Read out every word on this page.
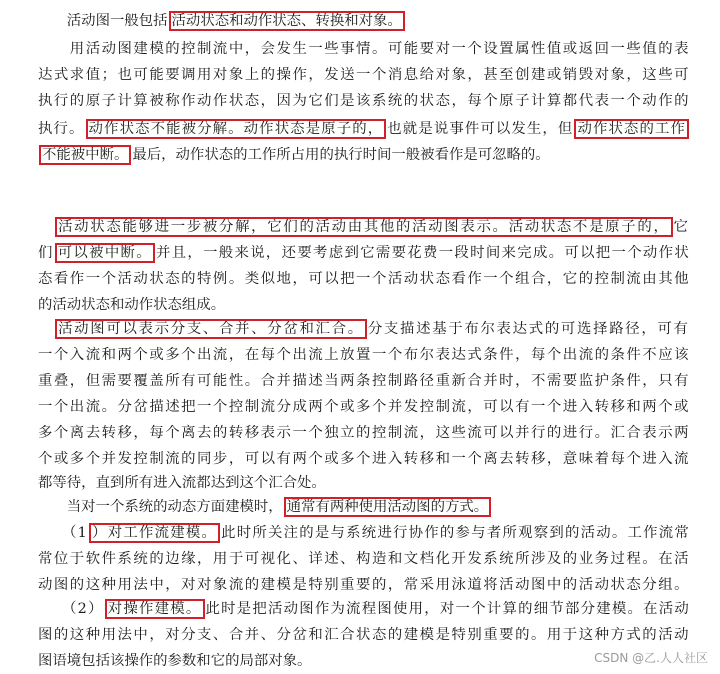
　　活动图一般包括 活动状态和动作状态、转换和对象。
　　用活动图建模的控制流中，会发生一些事情。可能要对一个设置属性值或返回一些值的表
达式求值；也可能要调用对象上的操作，发送一个消息给对象，甚至创建或销毁对象，这些可
执行的原子计算被称作动作状态，因为它们是该系统的状态，每个原子计算都代表一个动作的
执行。 动作状态不能被分解。动作状态是原子的， 也就是说事件可以发生，但 动作状态的工作
不能被中断。 最后，动作状态的工作所占用的执行时间一般被看作是可忽略的。
　活动状态能够进一步被分解，它们的活动由其他的活动图表示。活动状态不是原子的， 它
们 可以被中断。 并且，一般来说，还要考虑到它需要花费一段时间来完成。可以把一个动作状
态看作一个活动状态的特例。类似地，可以把一个活动状态看作一个组合，它的控制流由其他
的活动状态和动作状态组成。
　活动图可以表示分支、合并、分岔和汇合。 分支描述基于布尔表达式的可选择路径，可有
一个入流和两个或多个出流，在每个出流上放置一个布尔表达式条件，每个出流的条件不应该
重叠，但需要覆盖所有可能性。合并描述当两条控制路径重新合并时，不需要监护条件，只有
一个出流。分岔描述把一个控制流分成两个或多个并发控制流，可以有一个进入转移和两个或
多个离去转移，每个离去的转移表示一个独立的控制流，这些流可以并行的进行。汇合表示两
个或多个并发控制流的同步，可以有两个或多个进入转移和一个离去转移，意味着每个进入流
都等待，直到所有进入流都达到这个汇合处。
　　当对一个系统的动态方面建模时， 通常有两种使用活动图的方式。
　　（1 ）对工作流建模。 此时所关注的是与系统进行协作的参与者所观察到的活动。工作流常
常位于软件系统的边缘，用于可视化、详述、构造和文档化开发系统所涉及的业务过程。在活
动图的这种用法中，对对象流的建模是特别重要的，常采用泳道将活动图中的活动状态分组。
　　（2） 对操作建模。 此时是把活动图作为流程图使用，对一个计算的细节部分建模。在活动
图的这种用法中，对分支、合并、分岔和汇合状态的建模是特别重要的。用于这种方式的活动
图语境包括该操作的参数和它的局部对象。	CSDN @乙.人人社区
